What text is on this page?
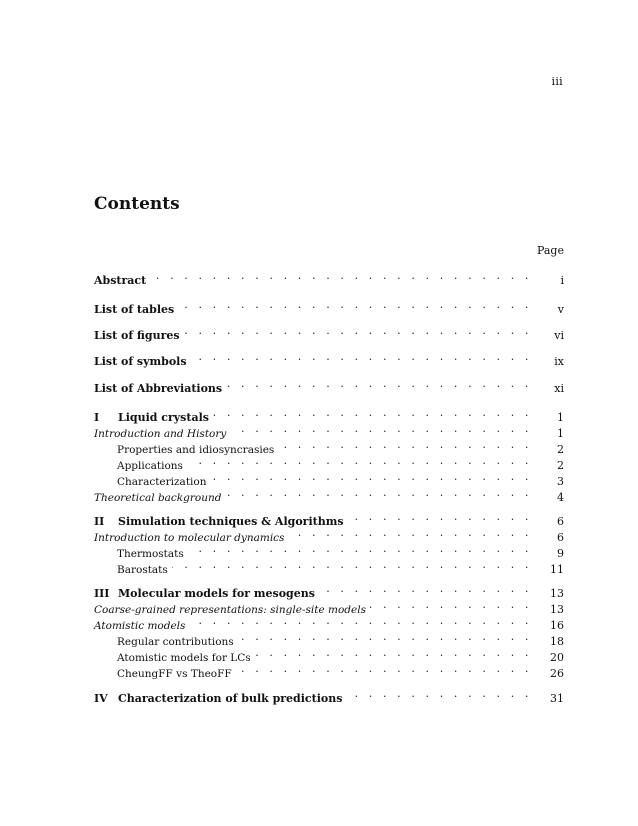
iii
Contents
Page
Abstract . . .	i
List of tables . . .	v
List of figures . . .	vi
List of symbols . . .	ix
List of Abbreviations . . .	xi
I Liquid crystals . . .	1
Introduction and History . . .	1
Properties and idiosyncrasies . . .	2
Applications . . .	2
Characterization . . .	3
Theoretical background . . .	4
II Simulation techniques & Algorithms . . .	6
Introduction to molecular dynamics . . .	6
Thermostats . . .	9
Barostats . . .	11
III Molecular models for mesogens . . .	13
Coarse-grained representations: single-site models . . .	13
Atomistic models . . .	16
Regular contributions . . .	18
Atomistic models for LCs . . .	20
CheungFF vs TheoFF . . .	26
IV Characterization of bulk predictions . . .	31
